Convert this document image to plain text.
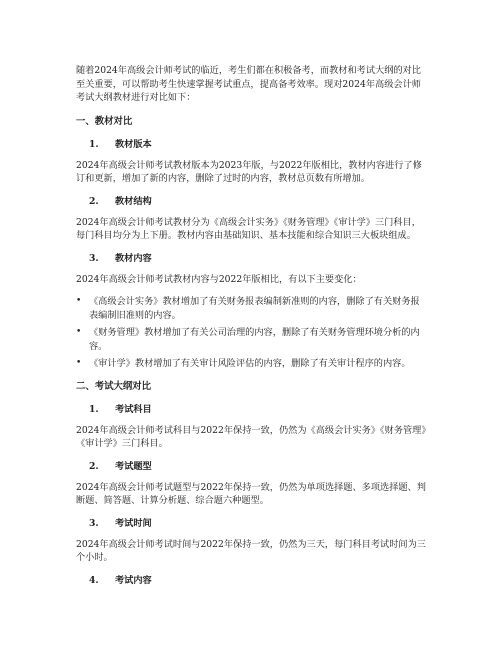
随着2024年高级会计师考试的临近，考生们都在积极备考，而教材和考试大纲的对比至关重要，可以帮助考生快速掌握考试重点，提高备考效率。现对2024年高级会计师考试大纲教材进行对比如下：

一、教材对比
1.	教材版本

2024年高级会计师考试教材版本为2023年版，与2022年版相比，教材内容进行了修订和更新，增加了新的内容，删除了过时的内容，教材总页数有所增加。

2.	教材结构

2024年高级会计师考试教材分为《高级会计实务》《财务管理》《审计学》三门科目，每门科目均分为上下册。教材内容由基础知识、基本技能和综合知识三大板块组成。

3.	教材内容

2024年高级会计师考试教材内容与2022年版相比，有以下主要变化：

• 《高级会计实务》教材增加了有关财务报表编制新准则的内容，删除了有关财务报表编制旧准则的内容。
• 《财务管理》教材增加了有关公司治理的内容，删除了有关财务管理环境分析的内容。
• 《审计学》教材增加了有关审计风险评估的内容，删除了有关审计程序的内容。
二、考试大纲对比
1.	考试科目

2024年高级会计师考试科目与2022年保持一致，仍然为《高级会计实务》《财务管理》《审计学》三门科目。

2.	考试题型

2024年高级会计师考试题型与2022年保持一致，仍然为单项选择题、多项选择题、判断题、简答题、计算分析题、综合题六种题型。

3.	考试时间

2024年高级会计师考试时间与2022年保持一致，仍然为三天，每门科目考试时间为三个小时。

4.	考试内容
